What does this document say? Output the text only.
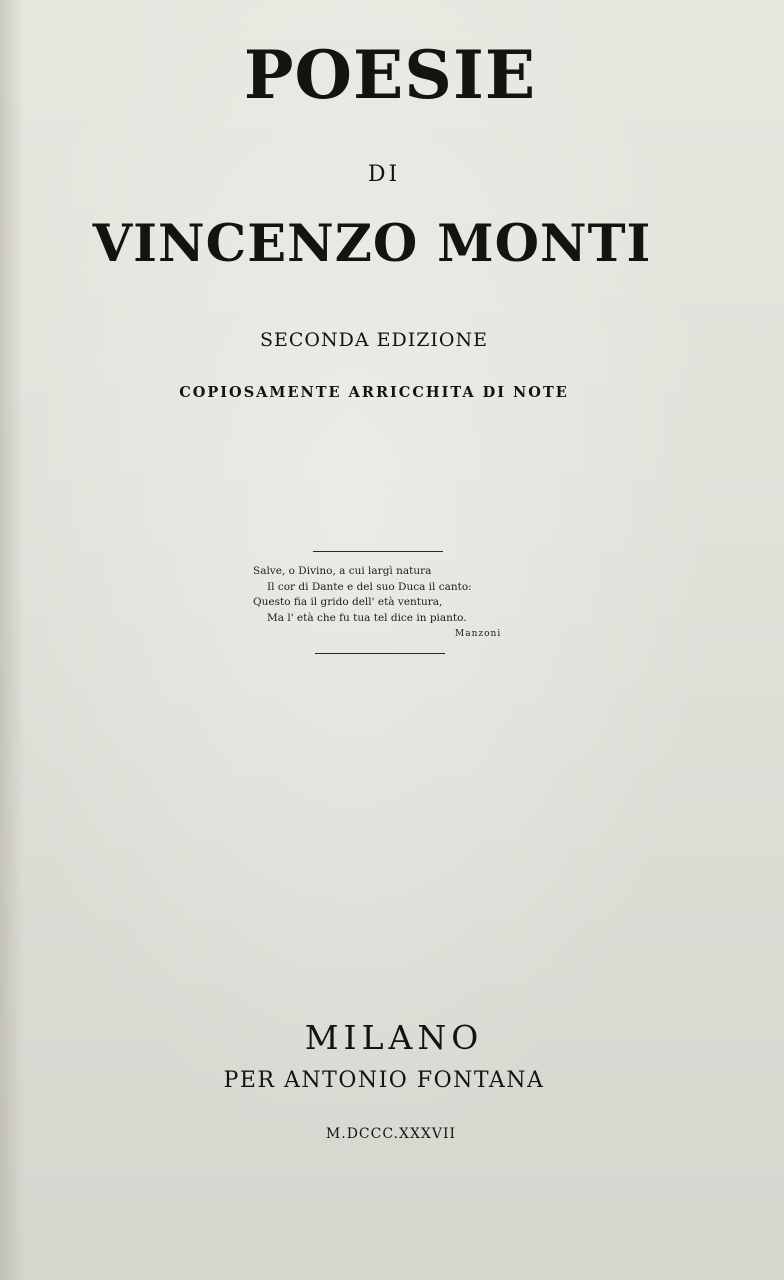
POESIE
DI
VINCENZO MONTI
SECONDA EDIZIONE
COPIOSAMENTE ARRICCHITA DI NOTE
Salve, o Divino, a cui largì natura
Il cor di Dante e del suo Duca il canto:
Questo fia il grido dell' età ventura,
Ma l' età che fu tua tel dice in pianto.
Manzoni
MILANO
PER ANTONIO FONTANA
M.DCCC.XXXVII
